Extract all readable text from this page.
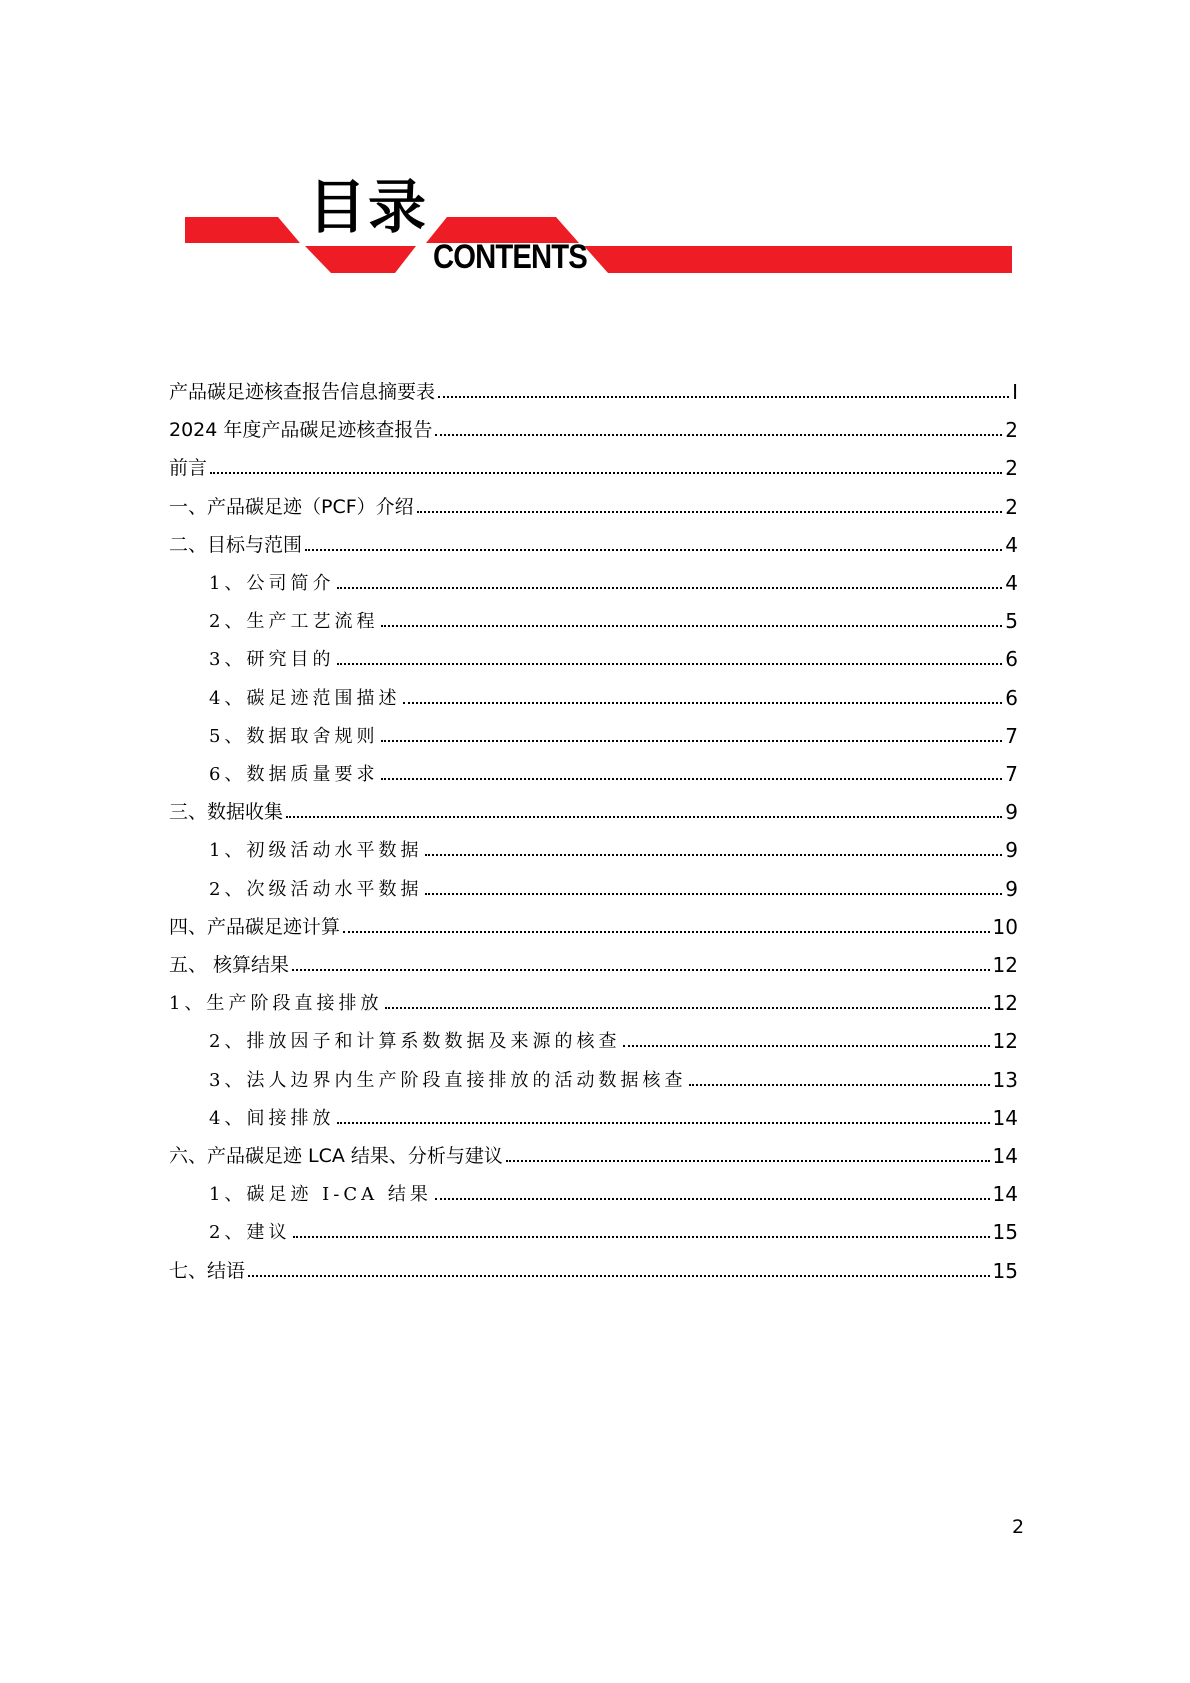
目录
CONTENTS
产品碳足迹核查报告信息摘要表	I
2024 年度产品碳足迹核查报告	2
前言	2
一、产品碳足迹（PCF）介绍	2
二、目标与范围	4
1、公司简介	4
2、生产工艺流程	5
3、研究目的	6
4、碳足迹范围描述	6
5、数据取舍规则	7
6、数据质量要求	7
三、数据收集	9
1、初级活动水平数据	9
2、次级活动水平数据	9
四、产品碳足迹计算	10
五、 核算结果	12
1、生产阶段直接排放	12
2、排放因子和计算系数数据及来源的核查	12
3、法人边界内生产阶段直接排放的活动数据核查	13
4、间接排放	14
六、产品碳足迹 LCA 结果、分析与建议	14
1、碳足迹 I-CA 结果	14
2、建议	15
七、结语	15
2
